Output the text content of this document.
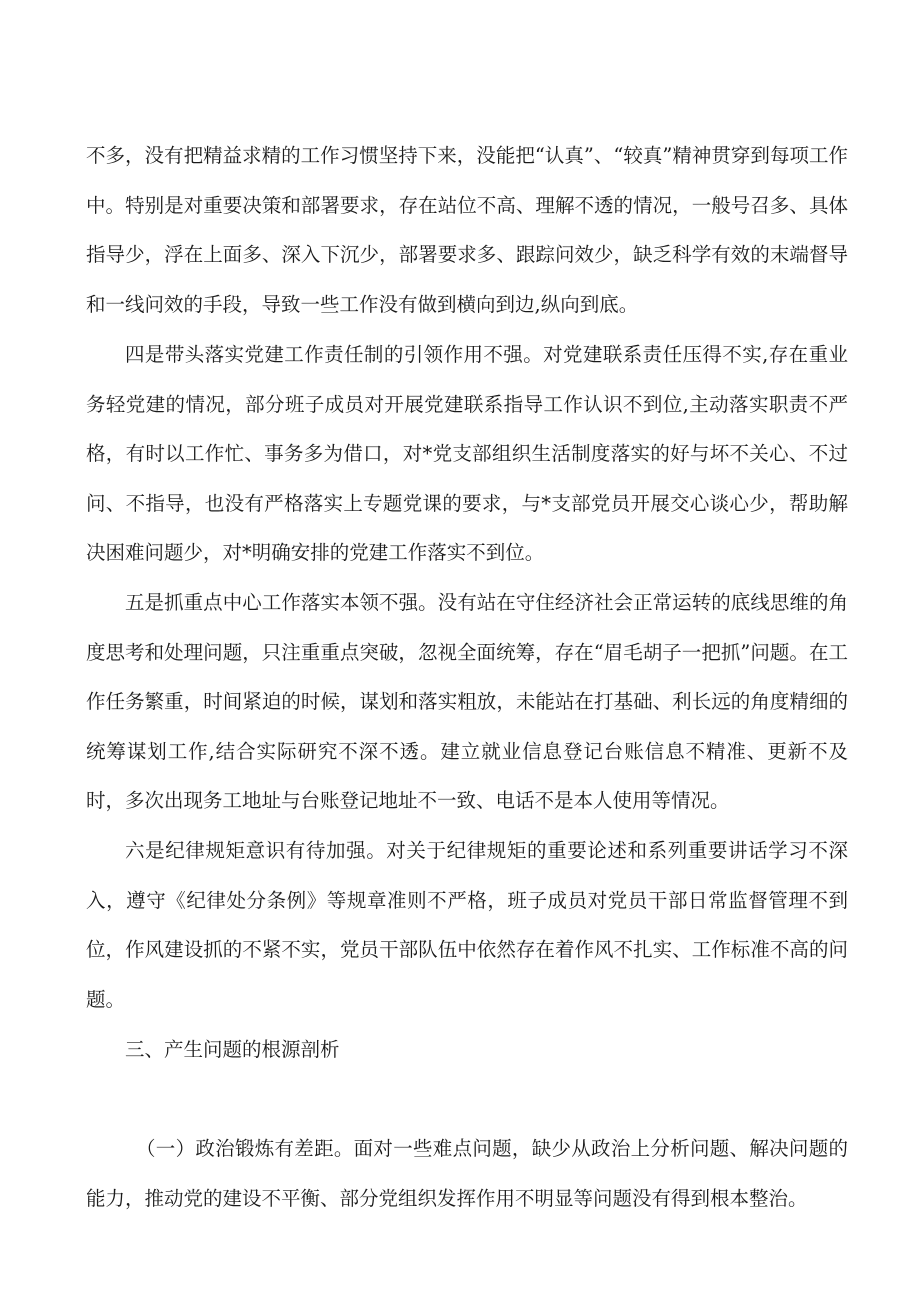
不多，没有把精益求精的工作习惯坚持下来，没能把“认真”、“较真”精神贯穿到每项工作中。特别是对重要决策和部署要求，存在站位不高、理解不透的情况，一般号召多、具体指导少，浮在上面多、深入下沉少，部署要求多、跟踪问效少，缺乏科学有效的末端督导和一线问效的手段，导致一些工作没有做到横向到边,纵向到底。

四是带头落实党建工作责任制的引领作用不强。对党建联系责任压得不实,存在重业务轻党建的情况，部分班子成员对开展党建联系指导工作认识不到位,主动落实职责不严格，有时以工作忙、事务多为借口，对*党支部组织生活制度落实的好与坏不关心、不过问、不指导，也没有严格落实上专题党课的要求，与*支部党员开展交心谈心少，帮助解决困难问题少，对*明确安排的党建工作落实不到位。

五是抓重点中心工作落实本领不强。没有站在守住经济社会正常运转的底线思维的角度思考和处理问题，只注重重点突破，忽视全面统筹，存在“眉毛胡子一把抓”问题。在工作任务繁重，时间紧迫的时候，谋划和落实粗放，未能站在打基础、利长远的角度精细的统筹谋划工作,结合实际研究不深不透。建立就业信息登记台账信息不精准、更新不及时，多次出现务工地址与台账登记地址不一致、电话不是本人使用等情况。

六是纪律规矩意识有待加强。对关于纪律规矩的重要论述和系列重要讲话学习不深入，遵守《纪律处分条例》等规章准则不严格，班子成员对党员干部日常监督管理不到位，作风建设抓的不紧不实，党员干部队伍中依然存在着作风不扎实、工作标准不高的问题。

三、产生问题的根源剖析

（一）政治锻炼有差距。面对一些难点问题，缺少从政治上分析问题、解决问题的能力，推动党的建设不平衡、部分党组织发挥作用不明显等问题没有得到根本整治。
